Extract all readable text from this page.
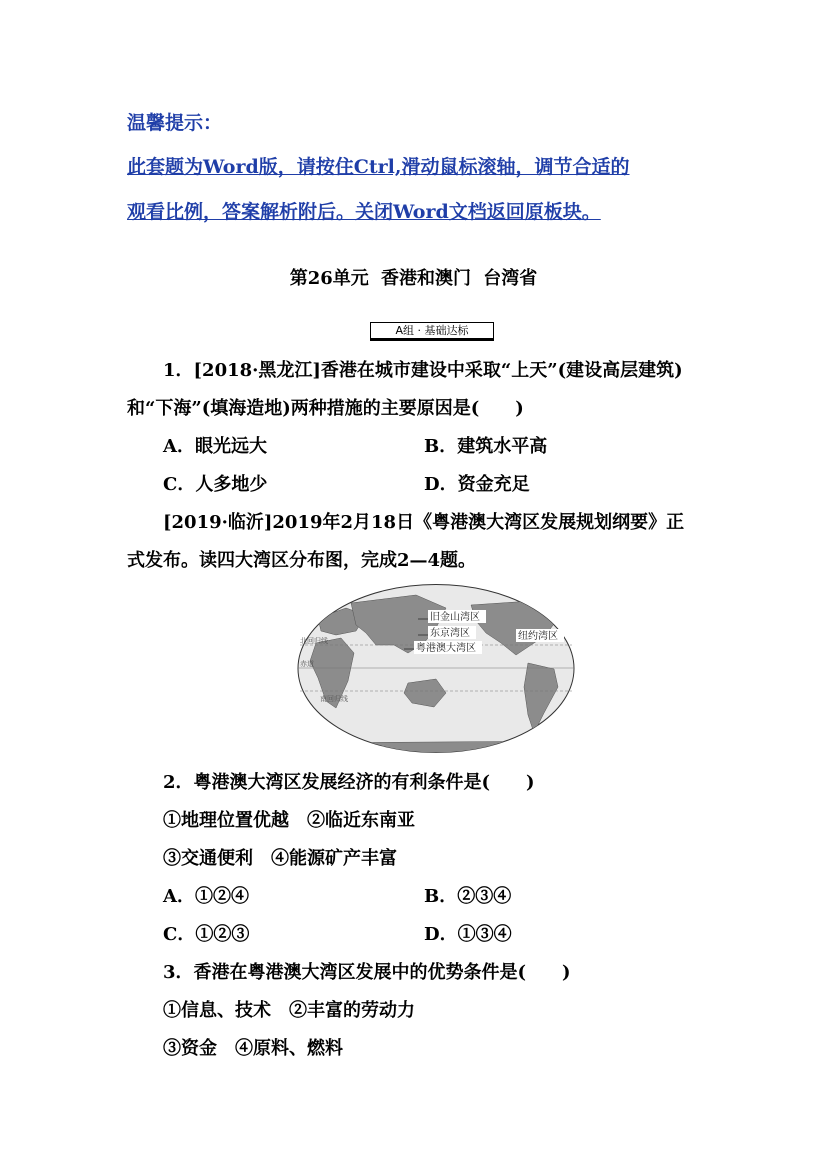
温馨提示：
此套题为Word版，请按住Ctrl,滑动鼠标滚轴，调节合适的
观看比例，答案解析附后。关闭Word文档返回原板块。
第26单元 香港和澳门 台湾省
A组 · 基础达标
1．[2018·黑龙江]香港在城市建设中采取“上天”(建设高层建筑)
和“下海”(填海造地)两种措施的主要原因是(　　)
A．眼光远大	B．建筑水平高
C．人多地少	D．资金充足
[2019·临沂]2019年2月18日《粤港澳大湾区发展规划纲要》正
式发布。读四大湾区分布图，完成2—4题。
北回归线
赤道
南回归线
旧金山湾区
东京湾区
粤港澳大湾区
纽约湾区
2．粤港澳大湾区发展经济的有利条件是(　　)
①地理位置优越　②临近东南亚
③交通便利　④能源矿产丰富
A．①②④	B．②③④
C．①②③	D．①③④
3．香港在粤港澳大湾区发展中的优势条件是(　　)
①信息、技术　②丰富的劳动力
③资金　④原料、燃料
